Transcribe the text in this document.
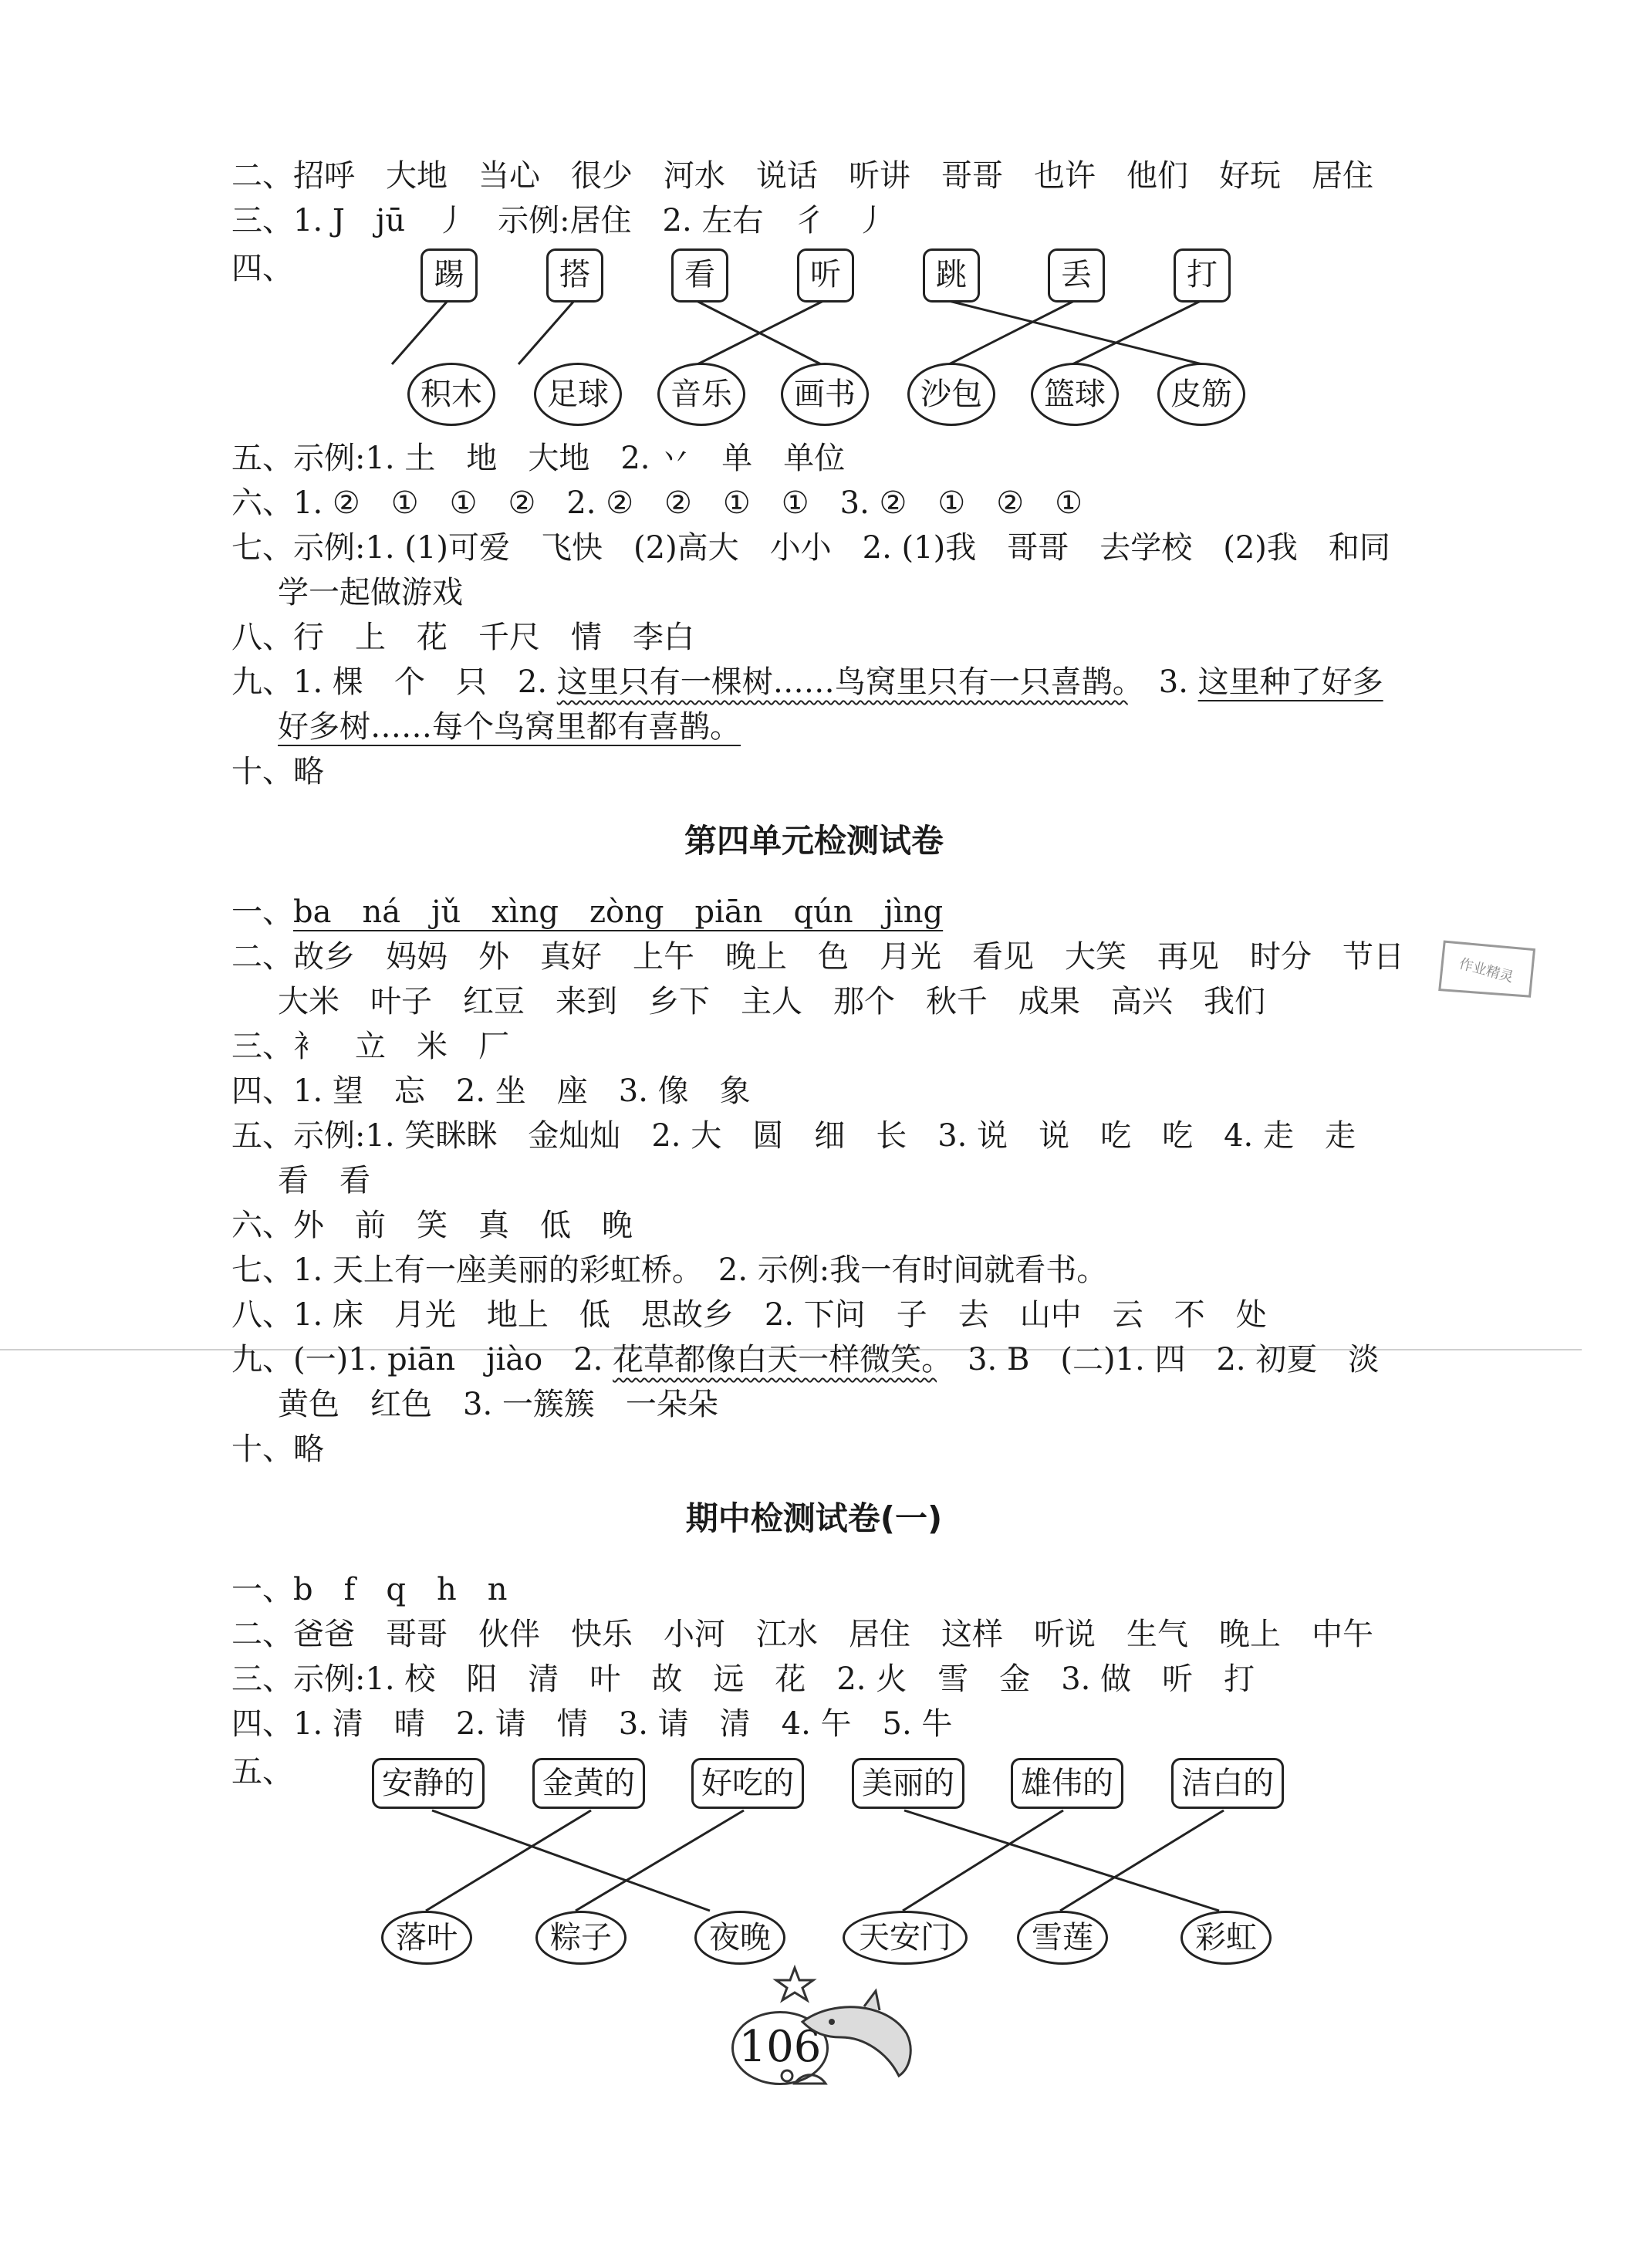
二、招呼　大地　当心　很少　河水　说话　听讲　哥哥　也许　他们　好玩　居住
三、1. J　jū　丿　示例:居住　2. 左右　彳　丿
四、	踢	搭	看	听	跳	丢	打
积木	足球	音乐	画书	沙包	篮球	皮筋
五、示例:1. 土　地　大地　2. 丷　单　单位
六、1. ②　①　①　②　2. ②　②　①　①　3. ②　①　②　①
七、示例:1. (1)可爱　飞快　(2)高大　小小　2. (1)我　哥哥　去学校　(2)我　和同
学一起做游戏
八、行　上　花　千尺　情　李白
九、1. 棵　个　只　2. 这里只有一棵树……鸟窝里只有一只喜鹊。　3. 这里种了好多
好多树……每个鸟窝里都有喜鹊。
十、略
第四单元检测试卷
一、ba　ná　jǔ　xìng　zòng　piān　qún　jìng
二、故乡　妈妈　外　真好　上午　晚上　色　月光　看见　大笑　再见　时分　节日
大米　叶子　红豆　来到　乡下　主人　那个　秋千　成果　高兴　我们
三、衤　立　米　厂
四、1. 望　忘　2. 坐　座　3. 像　象
五、示例:1. 笑眯眯　金灿灿　2. 大　圆　细　长　3. 说　说　吃　吃　4. 走　走
看　看
六、外　前　笑　真　低　晚
七、1. 天上有一座美丽的彩虹桥。　2. 示例:我一有时间就看书。
八、1. 床　月光　地上　低　思故乡　2. 下问　子　去　山中　云　不　处
九、(一)1. piān　jiào　2. 花草都像白天一样微笑。　3. B　(二)1. 四　2. 初夏　淡
黄色　红色　3. 一簇簇　一朵朵
十、略
期中检测试卷(一)
一、b　f　q　h　n
二、爸爸　哥哥　伙伴　快乐　小河　江水　居住　这样　听说　生气　晚上　中午
三、示例:1. 校　阳　清　叶　故　远　花　2. 火　雪　金　3. 做　听　打
四、1. 清　晴　2. 请　情　3. 请　清　4. 午　5. 牛
五、	安静的	金黄的	好吃的	美丽的	雄伟的	洁白的
落叶	粽子	夜晚	天安门	雪莲	彩虹
作业精灵
106
